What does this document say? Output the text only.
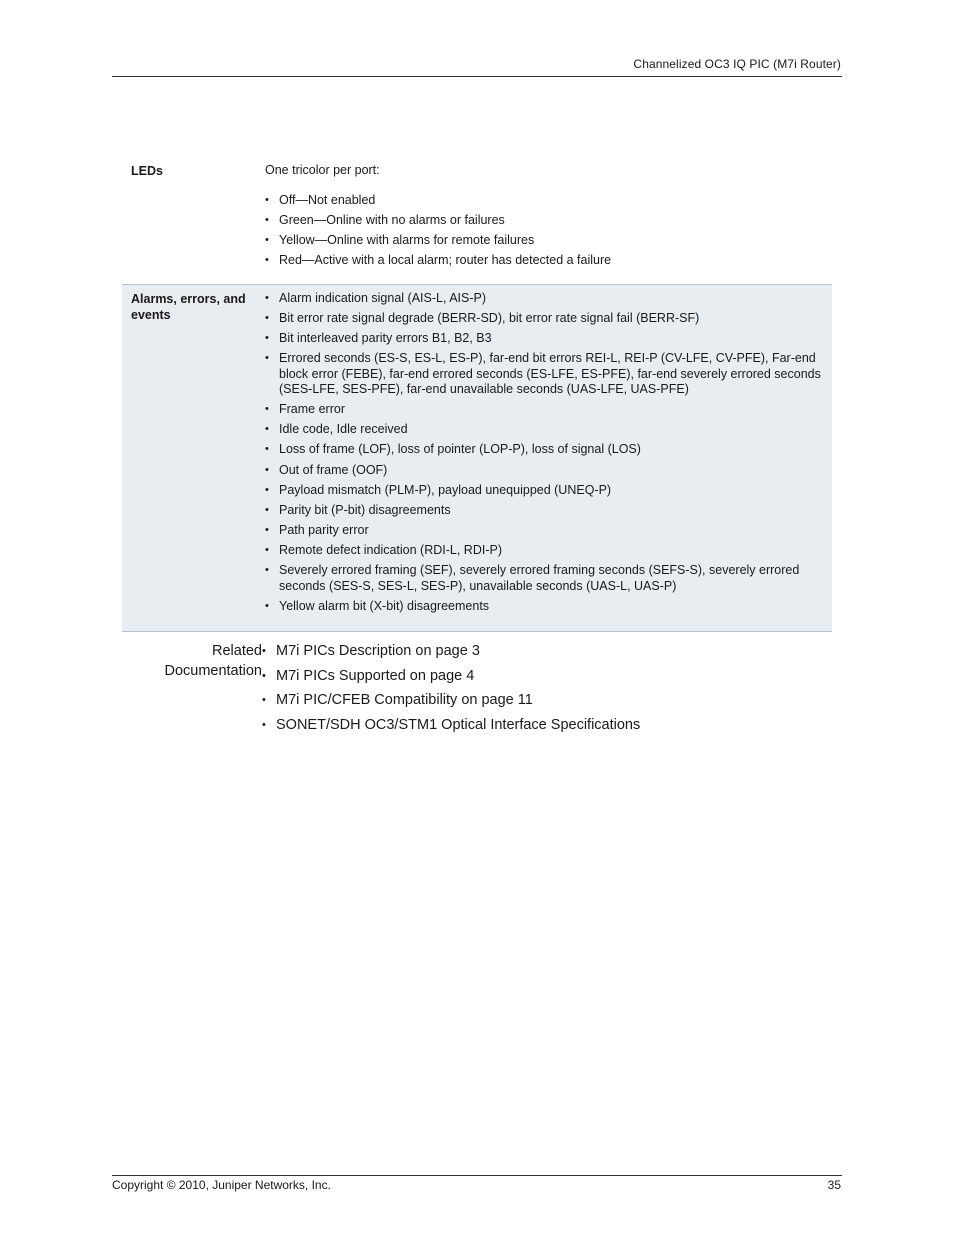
Channelized OC3 IQ PIC (M7i Router)
LEDs	One tricolor per port:

• Off—Not enabled
• Green—Online with no alarms or failures
• Yellow—Online with alarms for remote failures
• Red—Active with a local alarm; router has detected a failure
Alarms, errors, and events
• Alarm indication signal (AIS-L, AIS-P)
• Bit error rate signal degrade (BERR-SD), bit error rate signal fail (BERR-SF)
• Bit interleaved parity errors B1, B2, B3
• Errored seconds (ES-S, ES-L, ES-P), far-end bit errors REI-L, REI-P (CV-LFE, CV-PFE), Far-end block error (FEBE), far-end errored seconds (ES-LFE, ES-PFE), far-end severely errored seconds (SES-LFE, SES-PFE), far-end unavailable seconds (UAS-LFE, UAS-PFE)
• Frame error
• Idle code, Idle received
• Loss of frame (LOF), loss of pointer (LOP-P), loss of signal (LOS)
• Out of frame (OOF)
• Payload mismatch (PLM-P), payload unequipped (UNEQ-P)
• Parity bit (P-bit) disagreements
• Path parity error
• Remote defect indication (RDI-L, RDI-P)
• Severely errored framing (SEF), severely errored framing seconds (SEFS-S), severely errored seconds (SES-S, SES-L, SES-P), unavailable seconds (UAS-L, UAS-P)
• Yellow alarm bit (X-bit) disagreements
Related
Documentation
• M7i PICs Description on page 3
• M7i PICs Supported on page 4
• M7i PIC/CFEB Compatibility on page 11
• SONET/SDH OC3/STM1 Optical Interface Specifications
Copyright © 2010, Juniper Networks, Inc.	35
